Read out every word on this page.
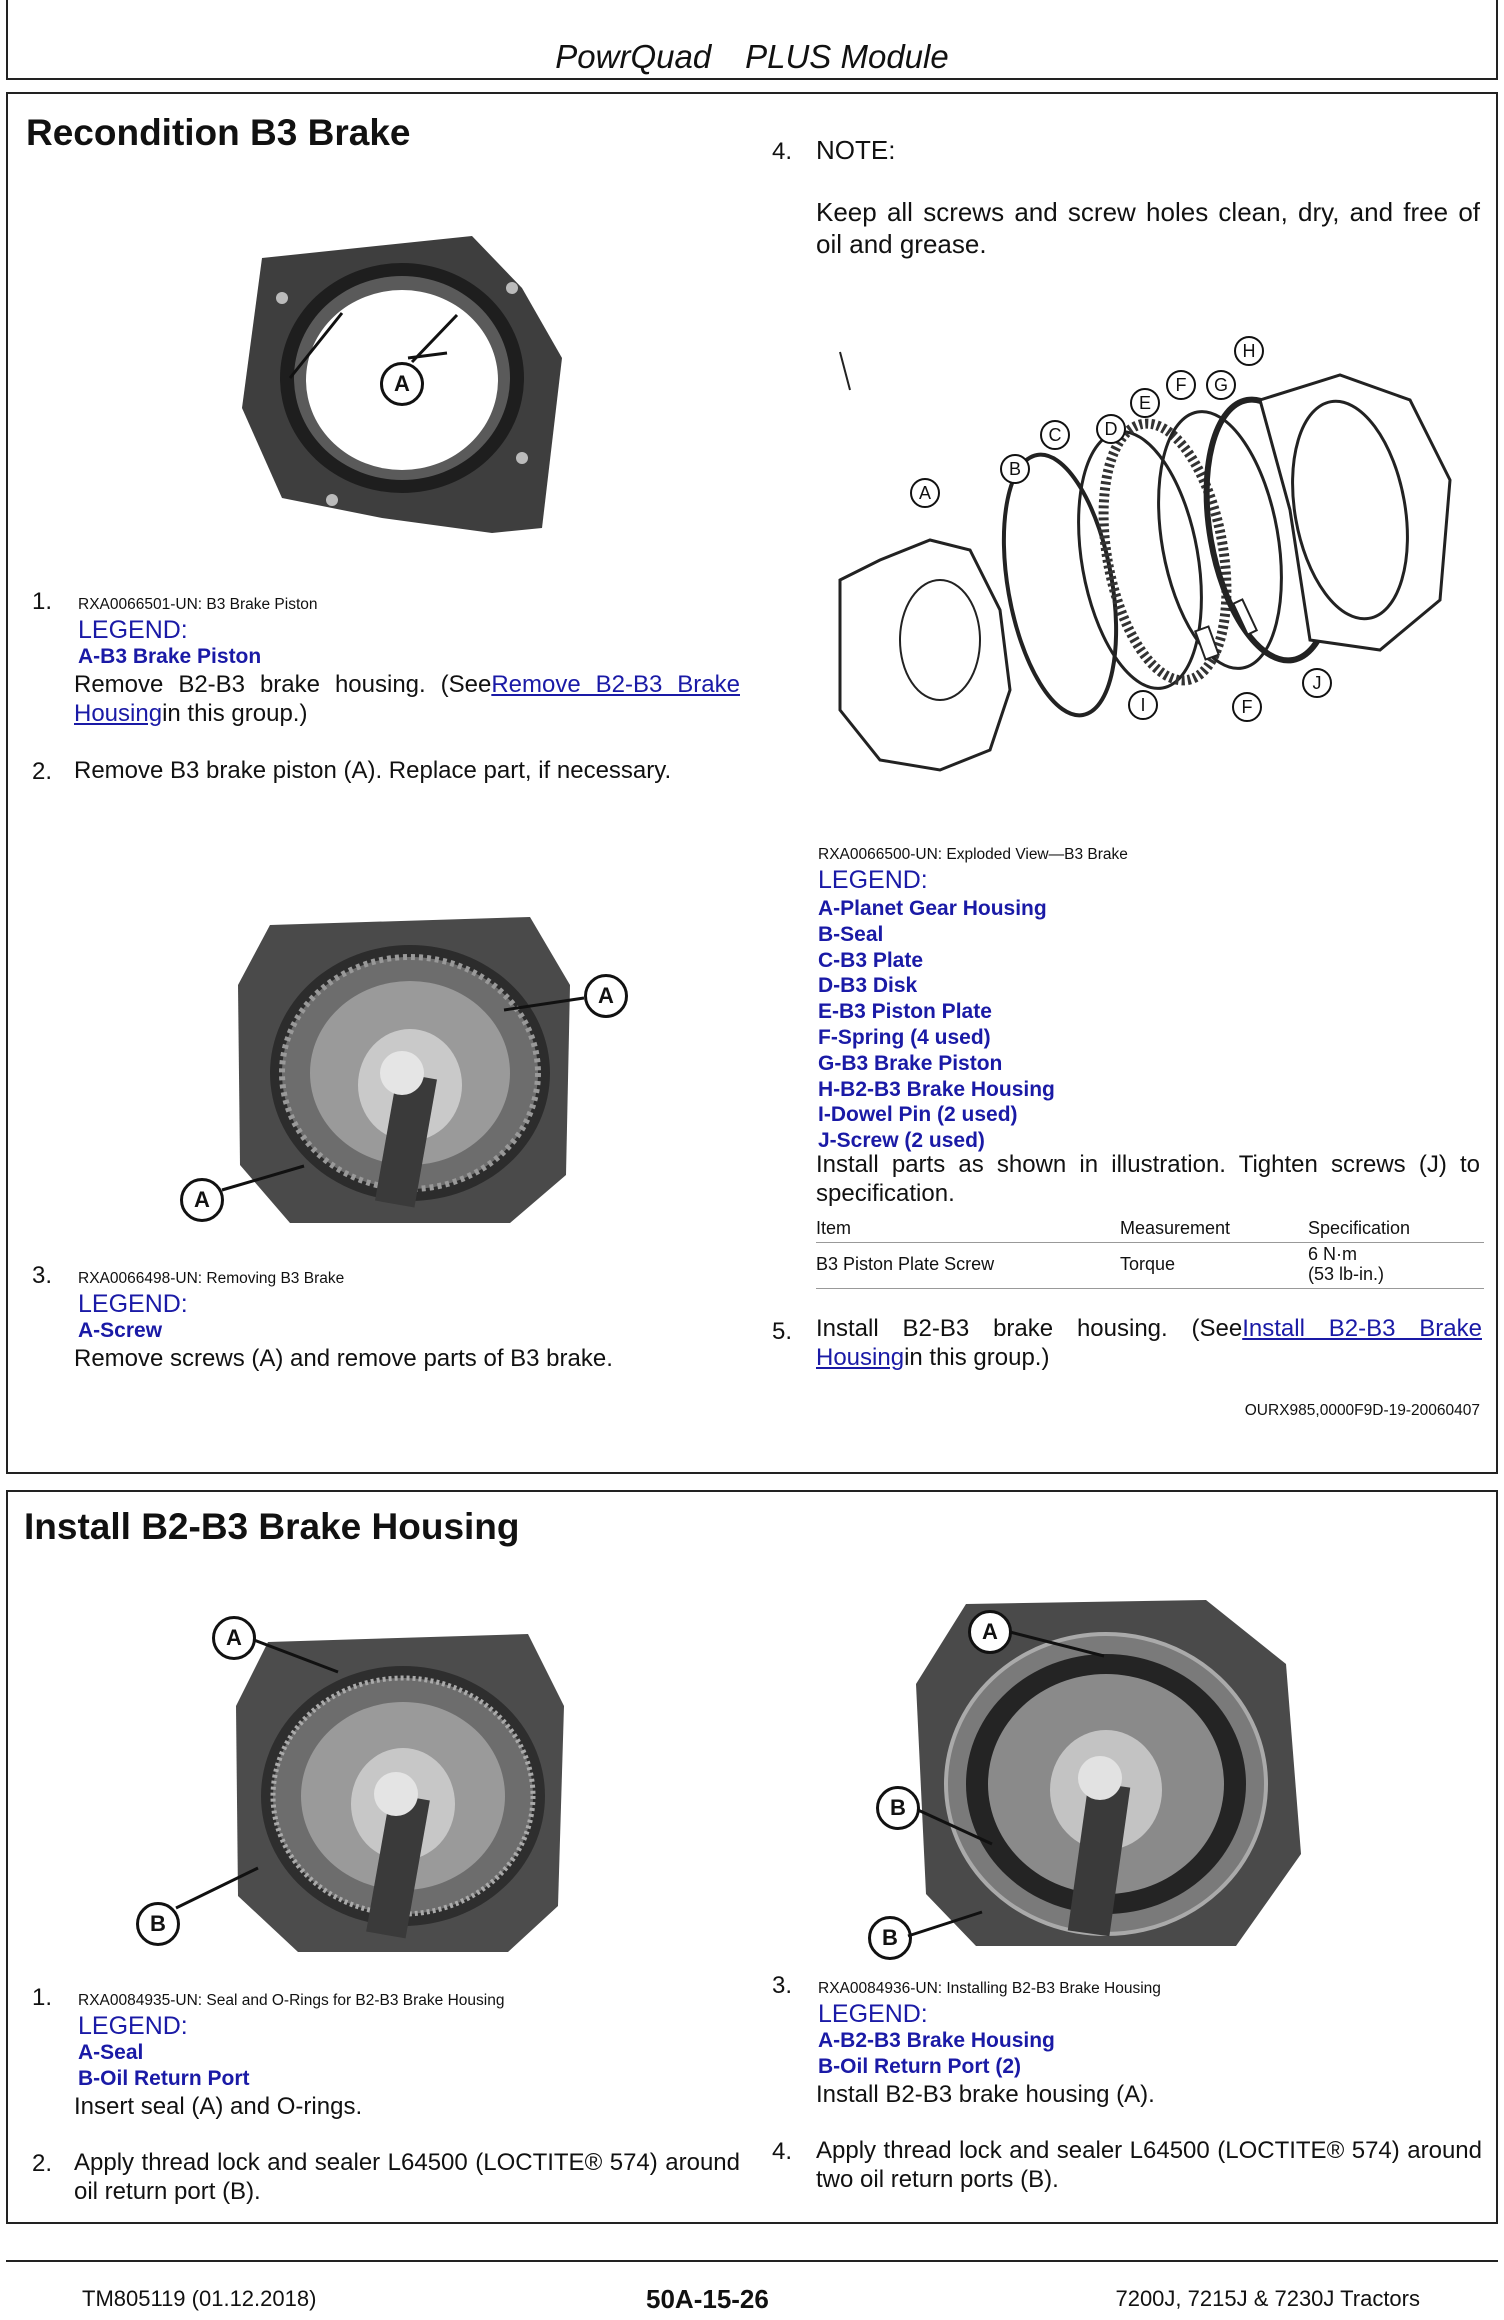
PowrQuad  PLUS Module
Recondition B3 Brake
A
1. RXA0066501-UN: B3 Brake Piston
LEGEND:
A-B3 Brake Piston
Remove B2-B3 brake housing. (SeeRemove B2-B3 Brake Housingin this group.)
2. Remove B3 brake piston (A). Replace part, if necessary.
A
A
3. RXA0066498-UN: Removing B3 Brake
LEGEND:
A-Screw
Remove screws (A) and remove parts of B3 brake.
4. NOTE:
Keep all screws and screw holes clean, dry, and free of oil and grease.
A
B
C	D
E
F	G
H
I	F
J
RXA0066500-UN: Exploded View—B3 Brake
LEGEND:
A-Planet Gear Housing
B-Seal
C-B3 Plate
D-B3 Disk
E-B3 Piston Plate
F-Spring (4 used)
G-B3 Brake Piston
H-B2-B3 Brake Housing
I-Dowel Pin (2 used)
J-Screw (2 used)
Install parts as shown in illustration. Tighten screws (J) to specification.
Item	Measurement	Specification
B3 Piston Plate Screw	Torque	6 N·m
(53 lb-in.)
5. Install B2-B3 brake housing. (SeeInstall B2-B3 Brake Housingin this group.)
OURX985,0000F9D-19-20060407
Install B2-B3 Brake Housing
A
B
A
B
B
1. RXA0084935-UN: Seal and O-Rings for B2-B3 Brake Housing
LEGEND:
A-Seal
B-Oil Return Port
Insert seal (A) and O-rings.
2. Apply thread lock and sealer L64500 (LOCTITE® 574) around oil return port (B).
3. RXA0084936-UN: Installing B2-B3 Brake Housing
LEGEND:
A-B2-B3 Brake Housing
B-Oil Return Port (2)
Install B2-B3 brake housing (A).
4. Apply thread lock and sealer L64500 (LOCTITE® 574) around two oil return ports (B).
TM805119 (01.12.2018)	50A-15-26	7200J, 7215J & 7230J Tractors
